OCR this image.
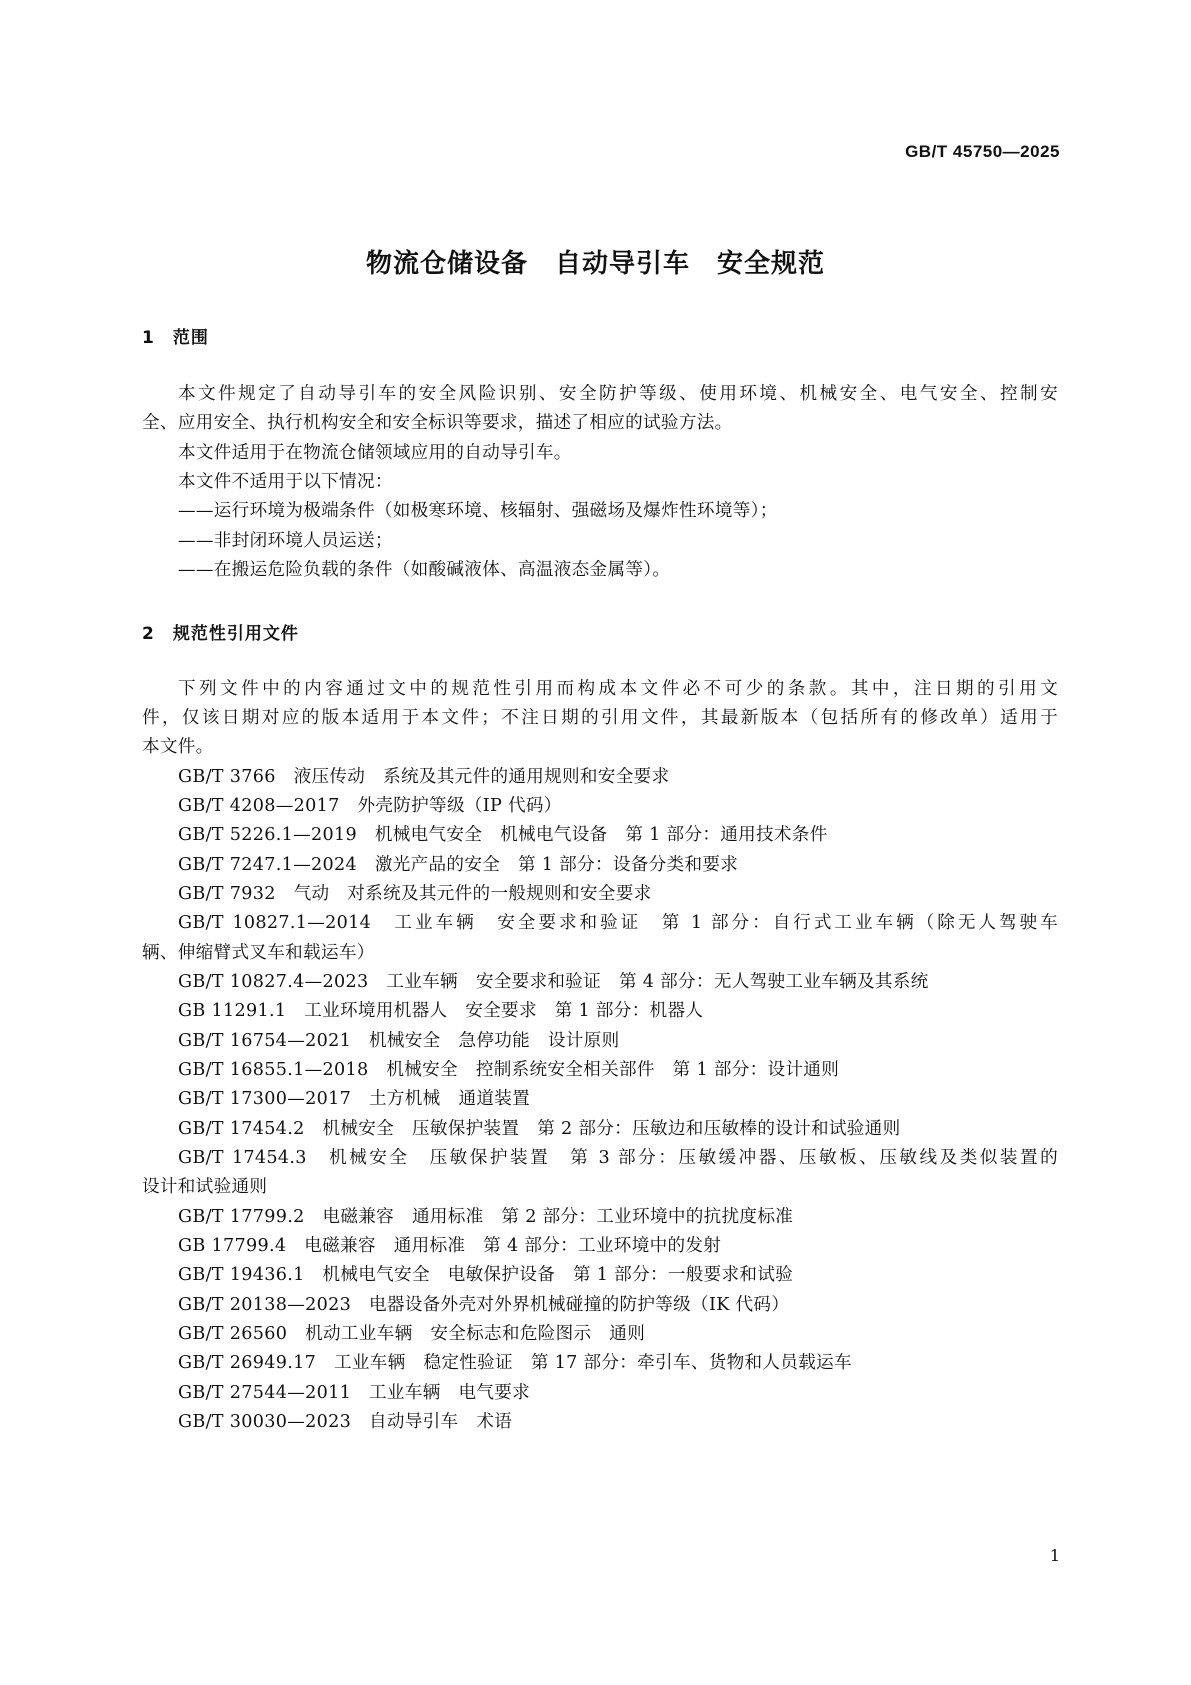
GB/T 45750—2025
物流仓储设备　自动导引车　安全规范
1　范围
本文件规定了自动导引车的安全风险识别、安全防护等级、使用环境、机械安全、电气安全、控制安
全、应用安全、执行机构安全和安全标识等要求，描述了相应的试验方法。
本文件适用于在物流仓储领域应用的自动导引车。
本文件不适用于以下情况：
——运行环境为极端条件（如极寒环境、核辐射、强磁场及爆炸性环境等）；
——非封闭环境人员运送；
——在搬运危险负载的条件（如酸碱液体、高温液态金属等）。
2　规范性引用文件
下列文件中的内容通过文中的规范性引用而构成本文件必不可少的条款。其中，注日期的引用文
件，仅该日期对应的版本适用于本文件；不注日期的引用文件，其最新版本（包括所有的修改单）适用于
本文件。
GB/T 3766　液压传动　系统及其元件的通用规则和安全要求
GB/T 4208—2017　外壳防护等级（IP 代码）
GB/T 5226.1—2019　机械电气安全　机械电气设备　第 1 部分：通用技术条件
GB/T 7247.1—2024　激光产品的安全　第 1 部分：设备分类和要求
GB/T 7932　气动　对系统及其元件的一般规则和安全要求
GB/T 10827.1—2014　工业车辆　安全要求和验证　第 1 部分：自行式工业车辆（除无人驾驶车
辆、伸缩臂式叉车和载运车）
GB/T 10827.4—2023　工业车辆　安全要求和验证　第 4 部分：无人驾驶工业车辆及其系统
GB 11291.1　工业环境用机器人　安全要求　第 1 部分：机器人
GB/T 16754—2021　机械安全　急停功能　设计原则
GB/T 16855.1—2018　机械安全　控制系统安全相关部件　第 1 部分：设计通则
GB/T 17300—2017　土方机械　通道装置
GB/T 17454.2　机械安全　压敏保护装置　第 2 部分：压敏边和压敏棒的设计和试验通则
GB/T 17454.3　机械安全　压敏保护装置　第 3 部分：压敏缓冲器、压敏板、压敏线及类似装置的
设计和试验通则
GB/T 17799.2　电磁兼容　通用标准　第 2 部分：工业环境中的抗扰度标准
GB 17799.4　电磁兼容　通用标准　第 4 部分：工业环境中的发射
GB/T 19436.1　机械电气安全　电敏保护设备　第 1 部分：一般要求和试验
GB/T 20138—2023　电器设备外壳对外界机械碰撞的防护等级（IK 代码）
GB/T 26560　机动工业车辆　安全标志和危险图示　通则
GB/T 26949.17　工业车辆　稳定性验证　第 17 部分：牵引车、货物和人员载运车
GB/T 27544—2011　工业车辆　电气要求
GB/T 30030—2023　自动导引车　术语
1
